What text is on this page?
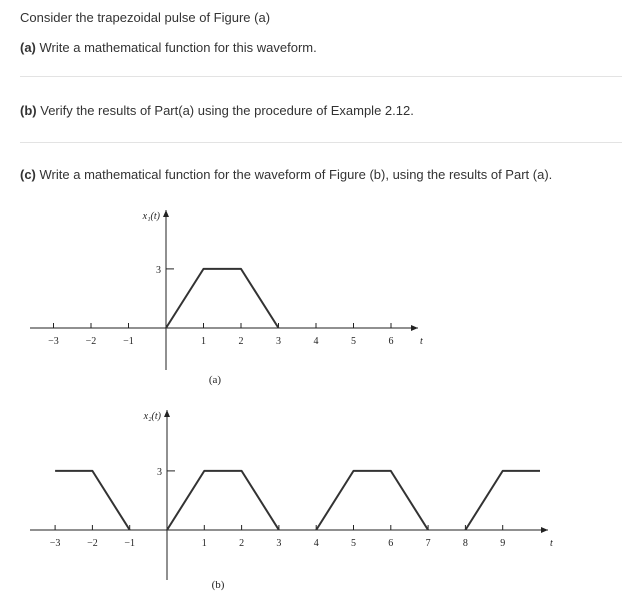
Consider the trapezoidal pulse of Figure (a)
(a) Write a mathematical function for this waveform.
(b) Verify the results of Part(a) using the procedure of Example 2.12.
(c) Write a mathematical function for the waveform of Figure (b), using the results of Part (a).
−3	−2	−1	1	2	3	4	5	6
3
x₁(t)
t
(a)
−3	−2	−1	1	2	3	4	5	6	7	8	9
3
x₂(t)
t
(b)
